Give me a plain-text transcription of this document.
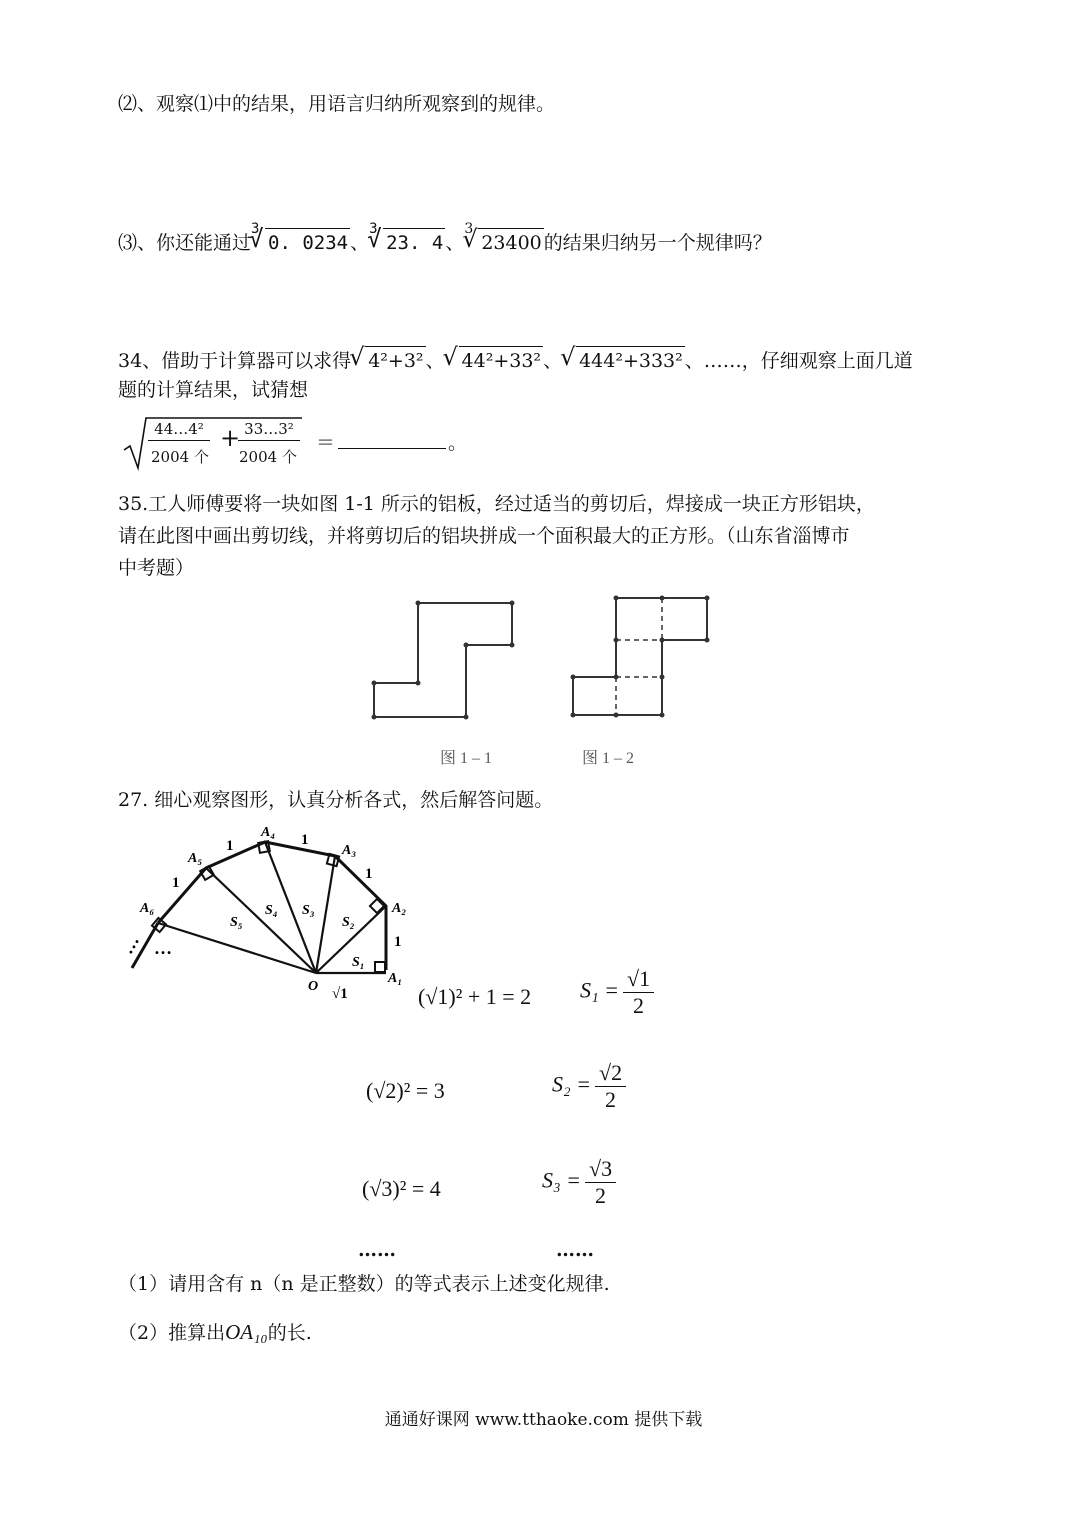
⑵、观察⑴中的结果，用语言归纳所观察到的规律。
⑶、你还能通过
√ 3
0. 0234 、
√ 3
23. 4 、
√ 3
23400 的结果归纳另一个规律吗？
34、借助于计算器可以求得 √ 4²+3² 、 √ 44²+33² 、 √ 444²+333² 、……，仔细观察上面几道
题的计算结果，试猜想
44…4²
2004 个
+ 33…3²
2004 个
＝	。
35.工人师傅要将一块如图 1-1 所示的铝板，经过适当的剪切后，焊接成一块正方形铝块，
请在此图中画出剪切线，并将剪切后的铝块拼成一个面积最大的正方形。（山东省淄博市
中考题）
图 1 – 1	图 1 – 2
27. 细心观察图形，认真分析各式，然后解答问题。
O
A₁
A₂
A₃
A₄
A₅
A₆
S₁
S₂
S₃
S₄
S₅
1
1
1
1
1
√1
…
…
(√1)² + 1 = 2 $S_1 = \frac{√1}{2}$
(√2)² = 3	$S_2 = \frac{√2}{2}$
(√3)² = 4	$S_3 = \frac{√3}{2}$
……	……
（1）请用含有 n（n 是正整数）的等式表示上述变化规律.
（2）推算出OA₁₀的长.
通通好课网 www.tthaoke.com 提供下载
